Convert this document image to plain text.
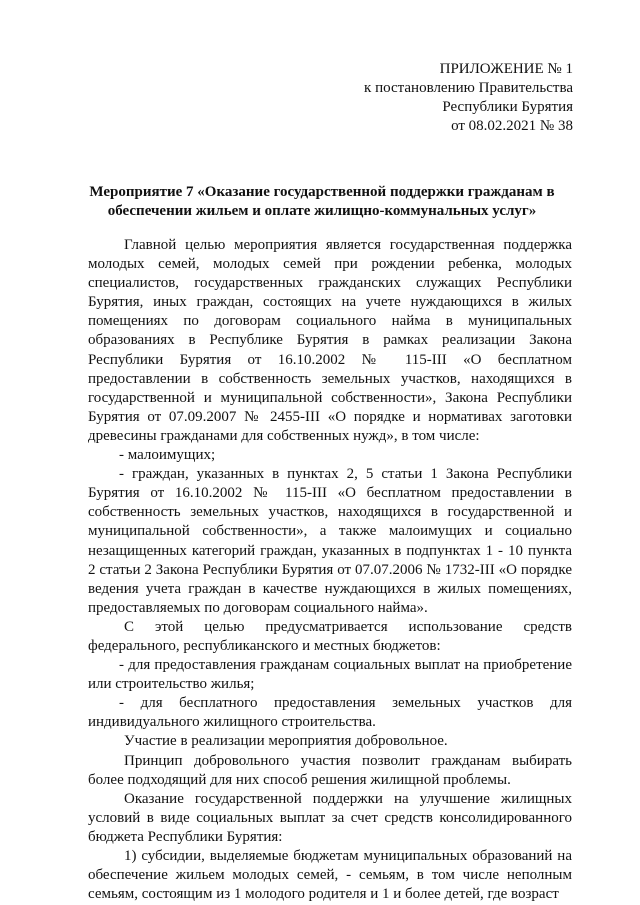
ПРИЛОЖЕНИЕ № 1
к постановлению Правительства
Республики Бурятия
от 08.02.2021 № 38
Мероприятие 7 «Оказание государственной поддержки гражданам в обеспечении жильем и оплате жилищно-коммунальных услуг»

Главной целью мероприятия является государственная поддержка молодых семей, молодых семей при рождении ребенка, молодых специалистов, государственных гражданских служащих Республики Бурятия, иных граждан, состоящих на учете нуждающихся в жилых помещениях по договорам социального найма в муниципальных образованиях в Республике Бурятия в рамках реализации Закона Республики Бурятия от 16.10.2002 № 115-III «О бесплатном предоставлении в собственность земельных участков, находящихся в государственной и муниципальной собственности», Закона Республики Бурятия от 07.09.2007 № 2455-III «О порядке и нормативах заготовки древесины гражданами для собственных нужд», в том числе:

- малоимущих;

- граждан, указанных в пунктах 2, 5 статьи 1 Закона Республики Бурятия от 16.10.2002 № 115-III «О бесплатном предоставлении в собственность земельных участков, находящихся в государственной и муниципальной собственности», а также малоимущих и социально незащищенных категорий граждан, указанных в подпунктах 1 - 10 пункта 2 статьи 2 Закона Республики Бурятия от 07.07.2006 № 1732-III «О порядке ведения учета граждан в качестве нуждающихся в жилых помещениях, предоставляемых по договорам социального найма».

С этой целью предусматривается использование средств федерального, республиканского и местных бюджетов:

- для предоставления гражданам социальных выплат на приобретение или строительство жилья;

- для бесплатного предоставления земельных участков для индивидуального жилищного строительства.

Участие в реализации мероприятия добровольное.

Принцип добровольного участия позволит гражданам выбирать более подходящий для них способ решения жилищной проблемы.

Оказание государственной поддержки на улучшение жилищных условий в виде социальных выплат за счет средств консолидированного бюджета Республики Бурятия:

1) субсидии, выделяемые бюджетам муниципальных образований на обеспечение жильем молодых семей, - семьям, в том числе неполным семьям, состоящим из 1 молодого родителя и 1 и более детей, где возраст
